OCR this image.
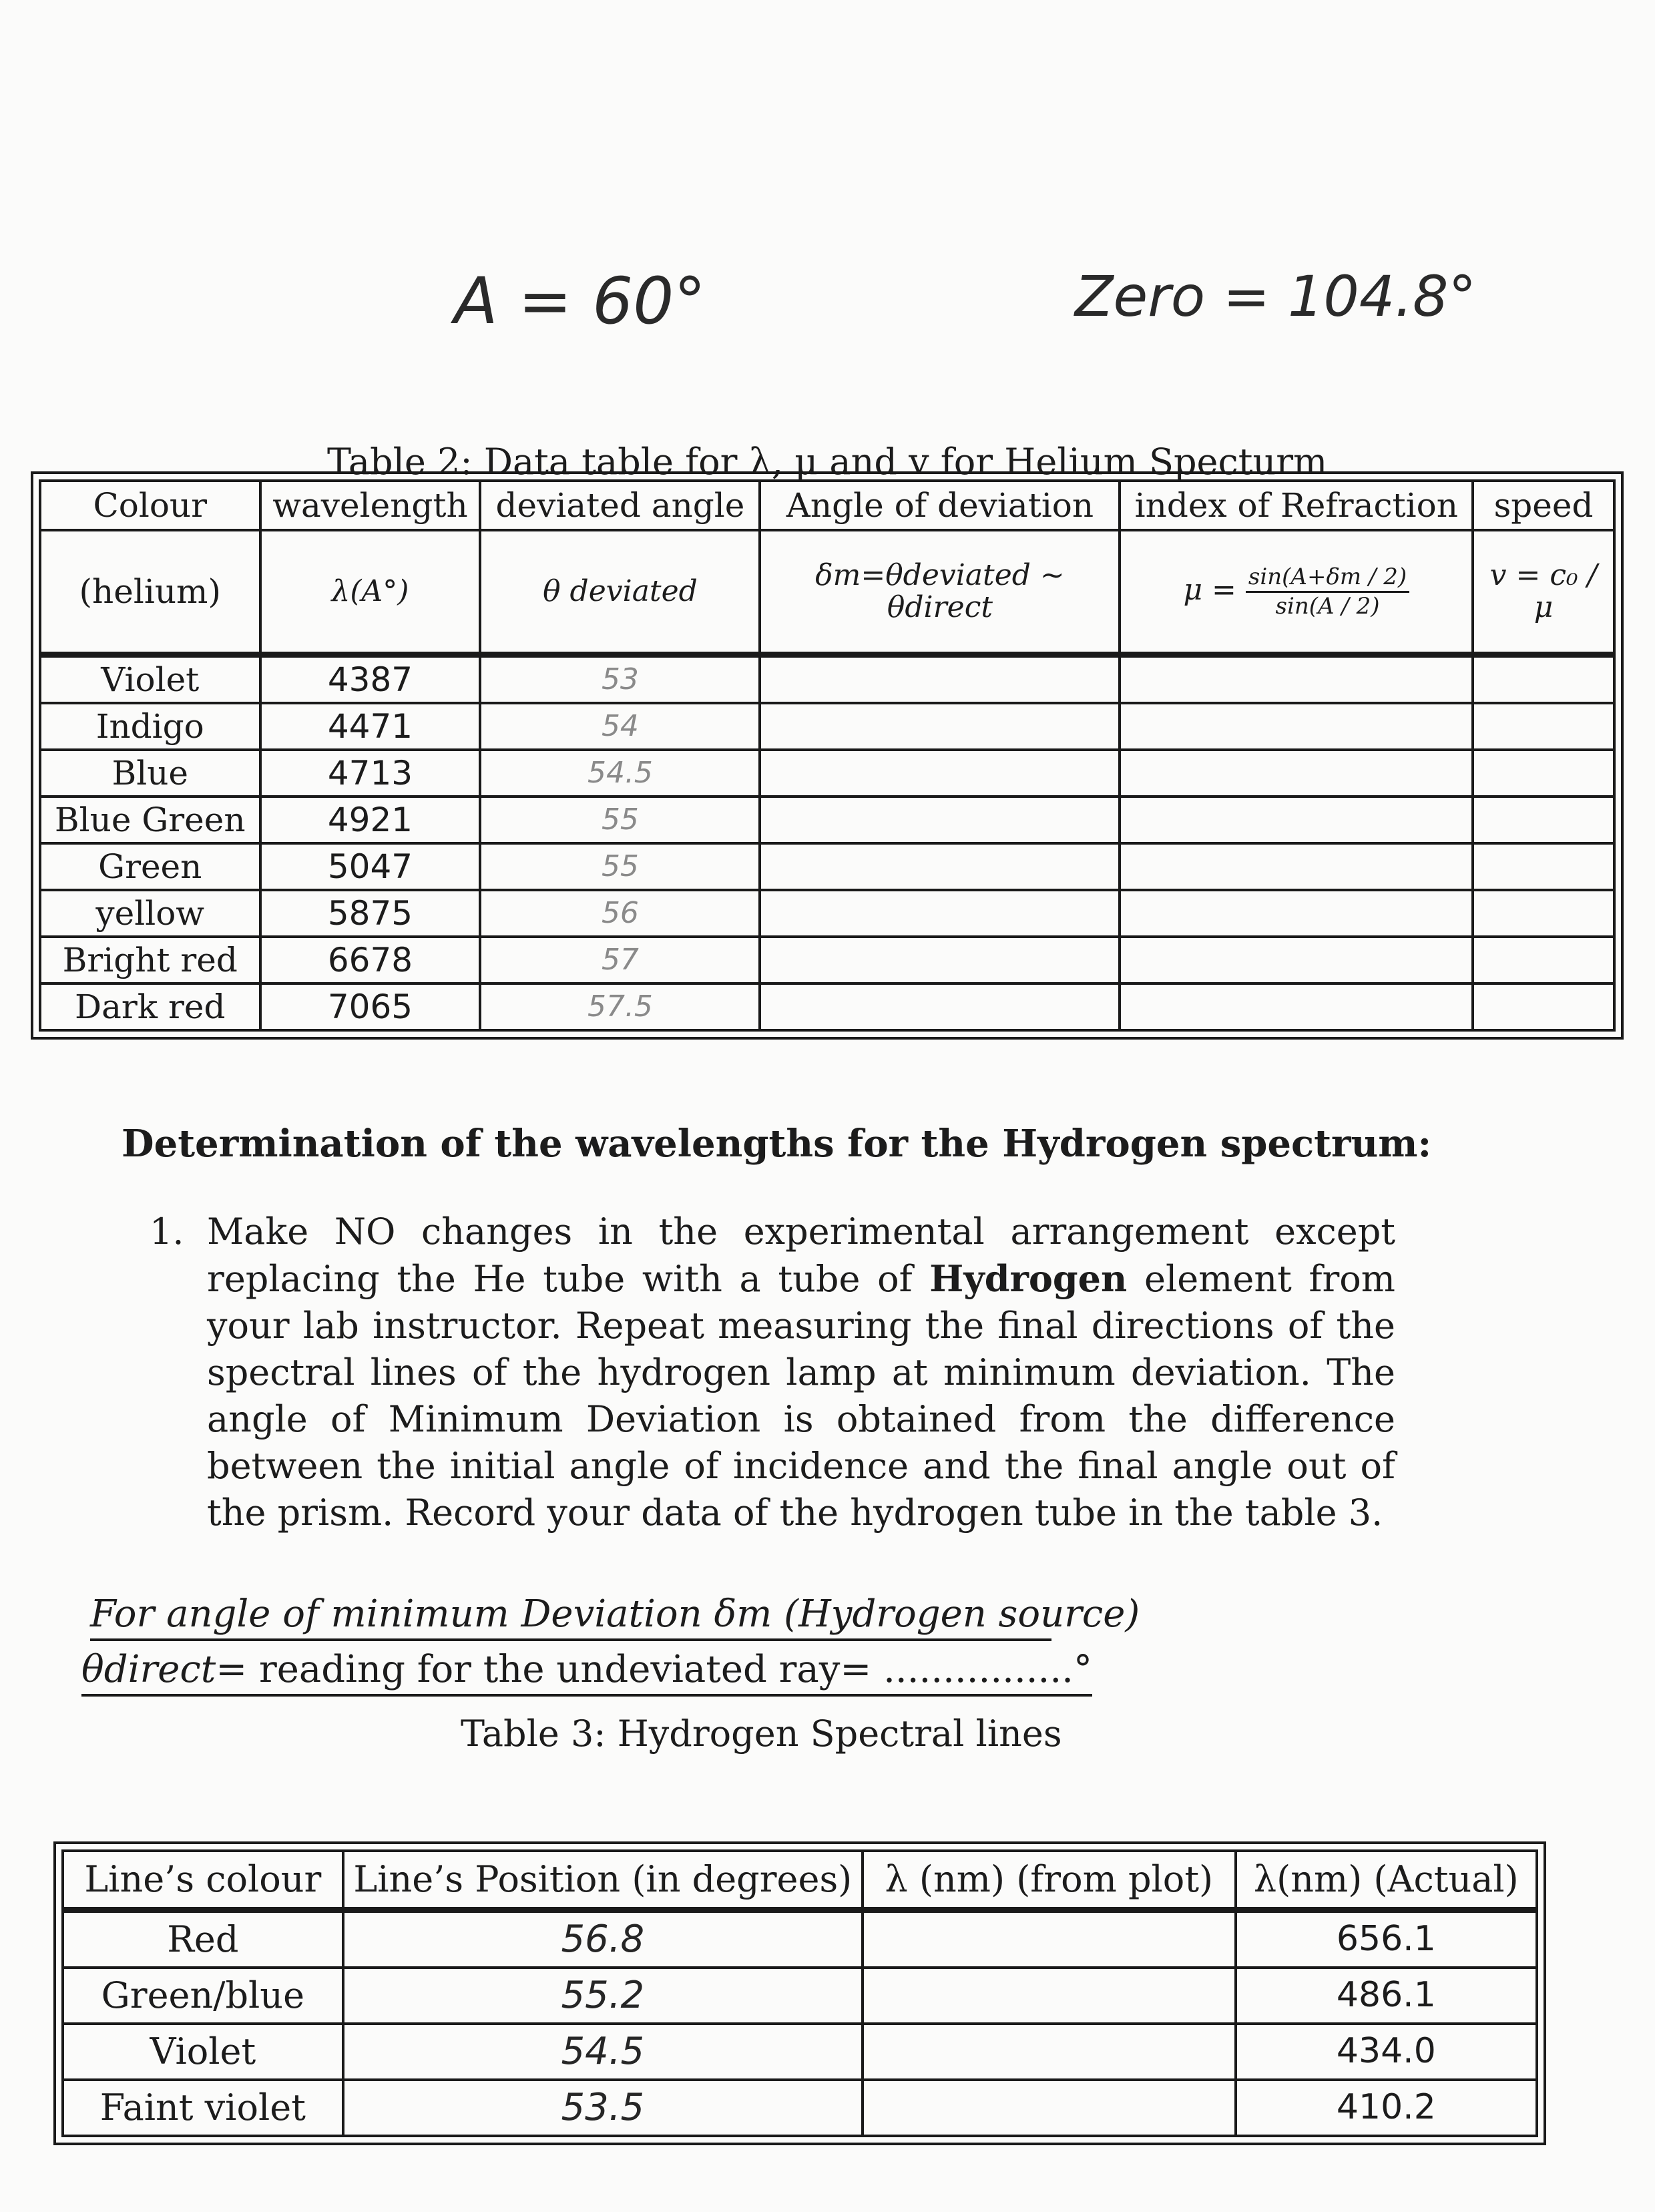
A = 60°	Zero = 104.8°
Table 2: Data table for λ, μ and v for Helium Specturm
Colour	wavelength	deviated angle	Angle of deviation	index of Refraction	speed
(helium)	λ(A°)	θ deviated	δm=θdeviated ~ θdirect	$\mu = \frac{\sin(A+\delta m / 2)}{\sin(A / 2)}$	v = c₀ / μ
Violet	4387	53			
Indigo	4471	54			
Blue	4713	54.5			
Blue Green	4921	55			
Green	5047	55			
yellow	5875	56			
Bright red	6678	57			
Dark red	7065	57.5			
Determination of the wavelengths for the Hydrogen spectrum:
1. Make NO changes in the experimental arrangement except replacing the He tube with a tube of Hydrogen element from your lab instructor. Repeat measuring the final directions of the spectral lines of the hydrogen lamp at minimum deviation. The angle of Minimum Deviation is obtained from the difference between the initial angle of incidence and the final angle out of the prism. Record your data of the hydrogen tube in the table 3.
For angle of minimum Deviation δm (Hydrogen source)
θdirect= reading for the undeviated ray= ................°
Table 3: Hydrogen Spectral lines
Line’s colour	Line’s Position (in degrees)	λ (nm) (from plot)	λ(nm) (Actual)
Red	56.8		656.1
Green/blue	55.2		486.1
Violet	54.5		434.0
Faint violet	53.5		410.2
